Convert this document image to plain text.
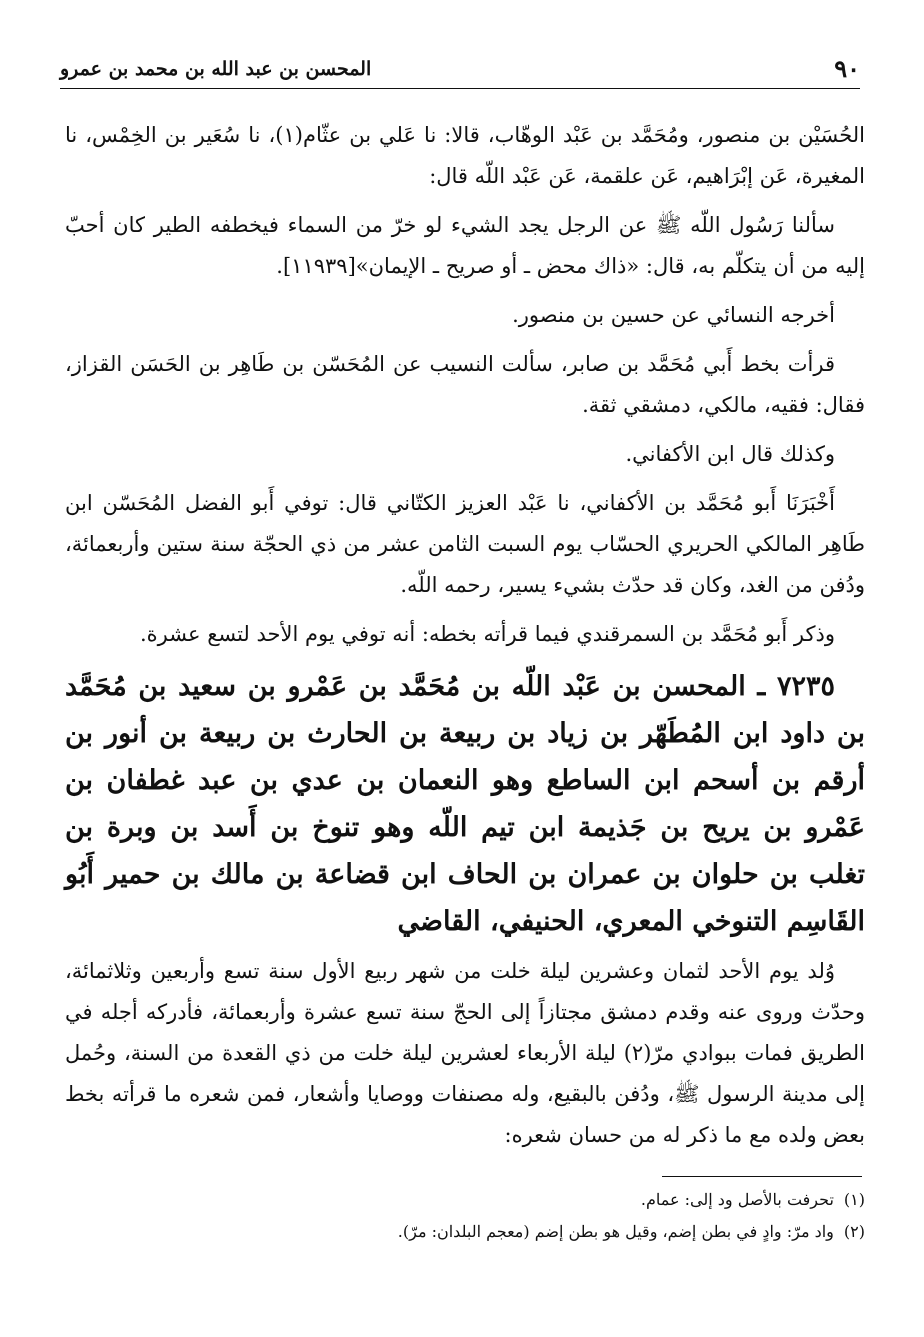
٩٠
المحسن بن عبد الله بن محمد بن عمرو

الحُسَيْن بن منصور، ومُحَمَّد بن عَبْد الوهّاب، قالا: نا عَلي بن عثّام(١)، نا سُعَير بن الخِمْس، نا المغيرة، عَن إبْرَاهيم، عَن علقمة، عَن عَبْد اللّه قال:

سألنا رَسُول اللّه ﷺ عن الرجل يجد الشيء لو خرّ من السماء فيخطفه الطير كان أحبّ إليه من أن يتكلّم به، قال: «ذاك محض ـ أو صريح ـ الإيمان»[١١٩٣٩].

أخرجه النسائي عن حسين بن منصور.

قرأت بخط أَبي مُحَمَّد بن صابر، سألت النسيب عن المُحَسّن بن طَاهِر بن الحَسَن القزاز، فقال: فقيه، مالكي، دمشقي ثقة.

وكذلك قال ابن الأكفاني.

أَخْبَرَنَا أَبو مُحَمَّد بن الأكفاني، نا عَبْد العزيز الكتّاني قال: توفي أَبو الفضل المُحَسّن ابن طَاهِر المالكي الحريري الحسّاب يوم السبت الثامن عشر من ذي الحجّة سنة ستين وأربعمائة، ودُفن من الغد، وكان قد حدّث بشيء يسير، رحمه اللّه.

وذكر أَبو مُحَمَّد بن السمرقندي فيما قرأته بخطه: أنه توفي يوم الأحد لتسع عشرة.

٧٢٣٥ ـ المحسن بن عَبْد اللّه بن مُحَمَّد بن عَمْرو بن سعيد بن مُحَمَّد بن داود ابن المُطَهّر بن زياد بن ربيعة بن الحارث بن ربيعة بن أنور بن أرقم بن أسحم ابن الساطع وهو النعمان بن عدي بن عبد غطفان بن عَمْرو بن يريح بن جَذيمة ابن تيم اللّه وهو تنوخ بن أَسد بن وبرة بن تغلب بن حلوان بن عمران بن الحاف ابن قضاعة بن مالك بن حمير أَبُو القَاسِم التنوخي المعري، الحنيفي، القاضي

وُلد يوم الأحد لثمان وعشرين ليلة خلت من شهر ربيع الأول سنة تسع وأربعين وثلاثمائة، وحدّث وروى عنه وقدم دمشق مجتازاً إلى الحجّ سنة تسع عشرة وأربعمائة، فأدركه أجله في الطريق فمات ببوادي مرّ(٢) ليلة الأربعاء لعشرين ليلة خلت من ذي القعدة من السنة، وحُمل إلى مدينة الرسول ﷺ، ودُفن بالبقيع، وله مصنفات ووصايا وأشعار، فمن شعره ما قرأته بخط بعض ولده مع ما ذكر له من حسان شعره:

(١)تحرفت بالأصل ود إلى: عمام.
(٢)واد مرّ: وادٍ في بطن إضم، وقيل هو بطن إضم (معجم البلدان: مرّ).
